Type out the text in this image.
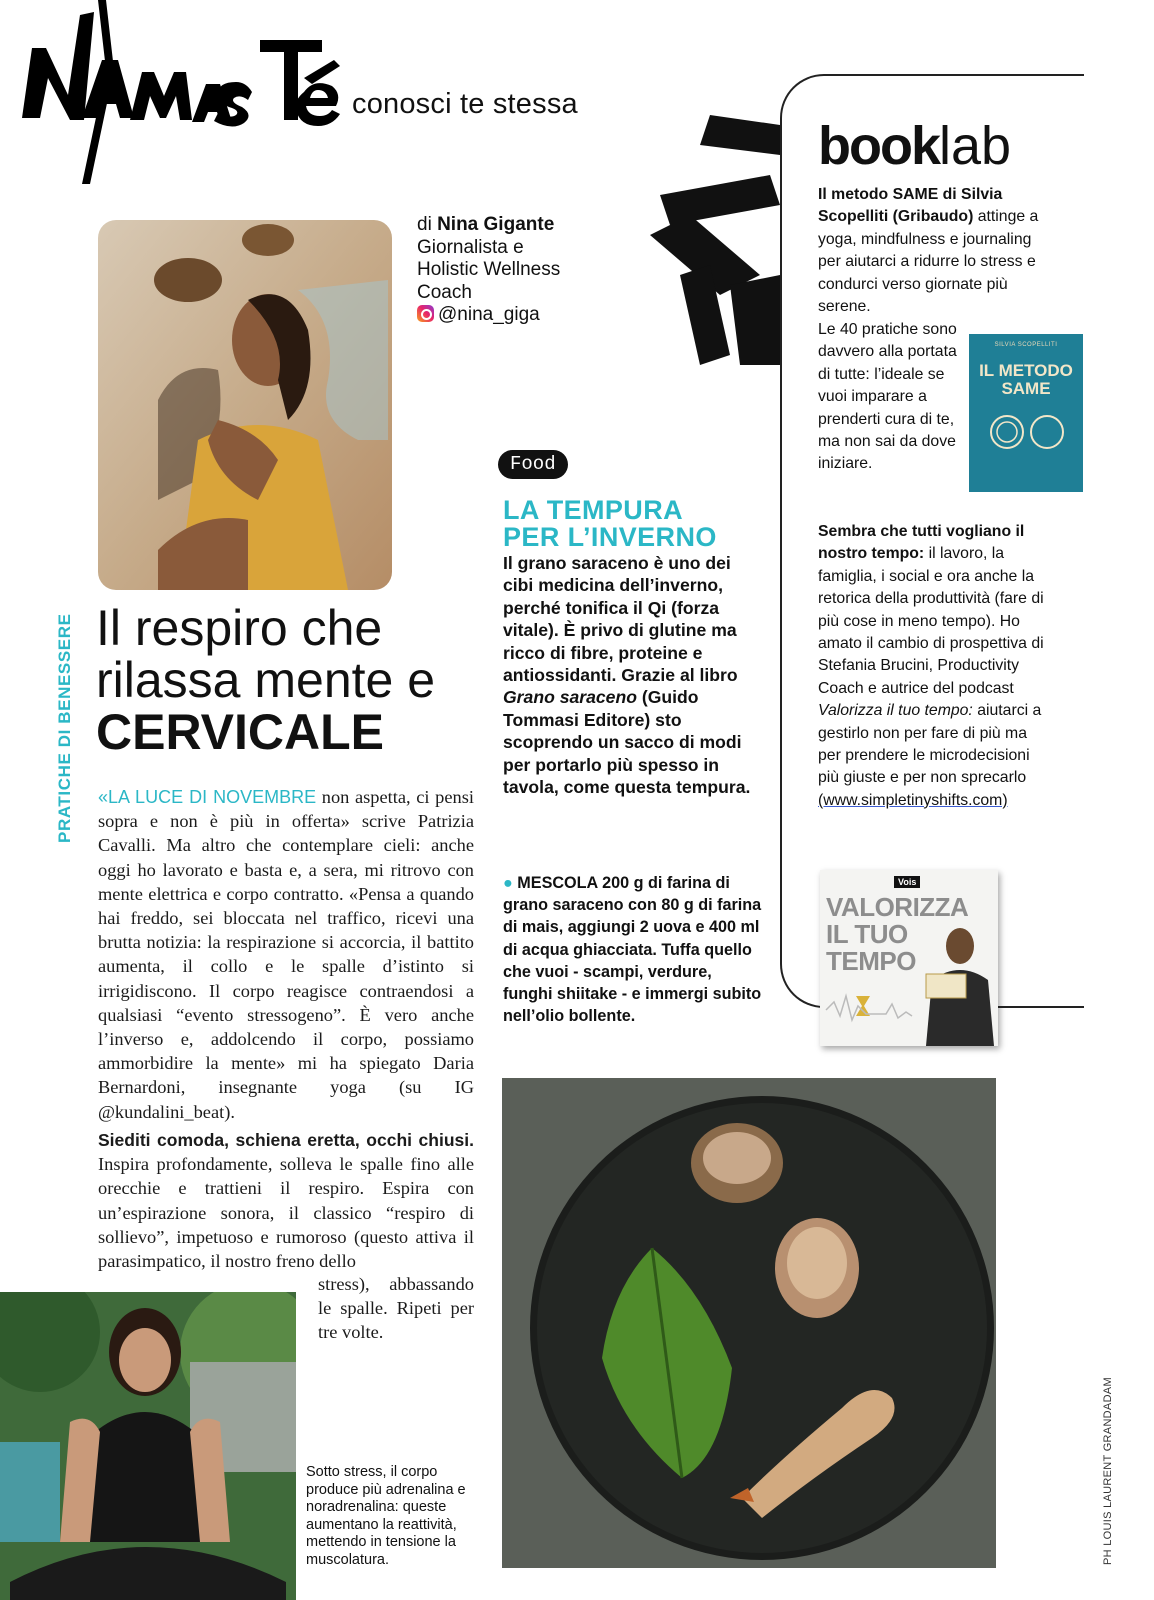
Namasté
conosci te stessa
di Nina Gigante
Giornalista e Holistic Wellness Coach
@nina_giga
PRATICHE DI BENESSERE Il respiro che rilassa mente e
CERVICALE

«LA LUCE DI NOVEMBRE non aspetta, ci pensi sopra e non è più in offerta» scrive Patrizia Cavalli. Ma altro che contemplare cieli: anche oggi ho lavorato e basta e, a sera, mi ritrovo con mente elettrica e corpo contratto. «Pensa a quando hai freddo, sei bloccata nel traffico, ricevi una brutta notizia: la respirazione si accorcia, il battito aumenta, il collo e le spalle d’istinto si irrigidiscono. Il corpo reagisce contraendosi a qualsiasi “evento stressogeno”. È vero anche l’inverso e, addolcendo il corpo, possiamo ammorbidire la mente» mi ha spiegato Daria Bernardoni, insegnante yoga (su IG @kundalini_beat).

Siediti comoda, schiena eretta, occhi chiusi. Inspira profondamente, solleva le spalle fino alle orecchie e trattieni il respiro. Espira con un’espirazione sonora, il classico “respiro di sollievo”, impetuoso e rumoroso (questo attiva il parasimpatico, il nostro freno dello

stress), abbassando le spalle. Ripeti per tre volte.

Sotto stress, il corpo produce più adrenalina e noradrenalina: queste aumentano la reattività, mettendo in tensione la muscolatura.
Food
LA TEMPURA PER L’INVERNO

Il grano saraceno è uno dei cibi medicina dell’inverno, perché tonifica il Qi (forza vitale). È privo di glutine ma ricco di fibre, proteine e antiossidanti. Grazie al libro Grano saraceno (Guido Tommasi Editore) sto scoprendo un sacco di modi per portarlo più spesso in tavola, come questa tempura.

● MESCOLA 200 g di farina di grano saraceno con 80 g di farina di mais, aggiungi 2 uova e 400 ml di acqua ghiacciata. Tuffa quello che vuoi - scampi, verdure, funghi shiitake - e immergi subito nell’olio bollente.

booklab

Il metodo SAME di Silvia Scopelliti (Gribaudo) attinge a yoga, mindfulness e journaling per aiutarci a ridurre lo stress e condurci verso giornate più serene.

Le 40 pratiche sono davvero alla portata di tutte: l’ideale se vuoi imparare a prenderti cura di te, ma non sai da dove iniziare.

SILVIA SCOPELLITI
IL METODO SAME

Sembra che tutti vogliano il nostro tempo: il lavoro, la famiglia, i social e ora anche la retorica della produttività (fare di più cose in meno tempo). Ho amato il cambio di prospettiva di Stefania Brucini, Productivity Coach e autrice del podcast Valorizza il tuo tempo: aiutarci a gestirlo non per fare di più ma per prendere le microdecisioni più giuste e per non sprecarlo (www.simpletinyshifts.com)

Vois
VALORIZZA IL TUO TEMPO
PH LOUIS LAURENT GRANDADAM
